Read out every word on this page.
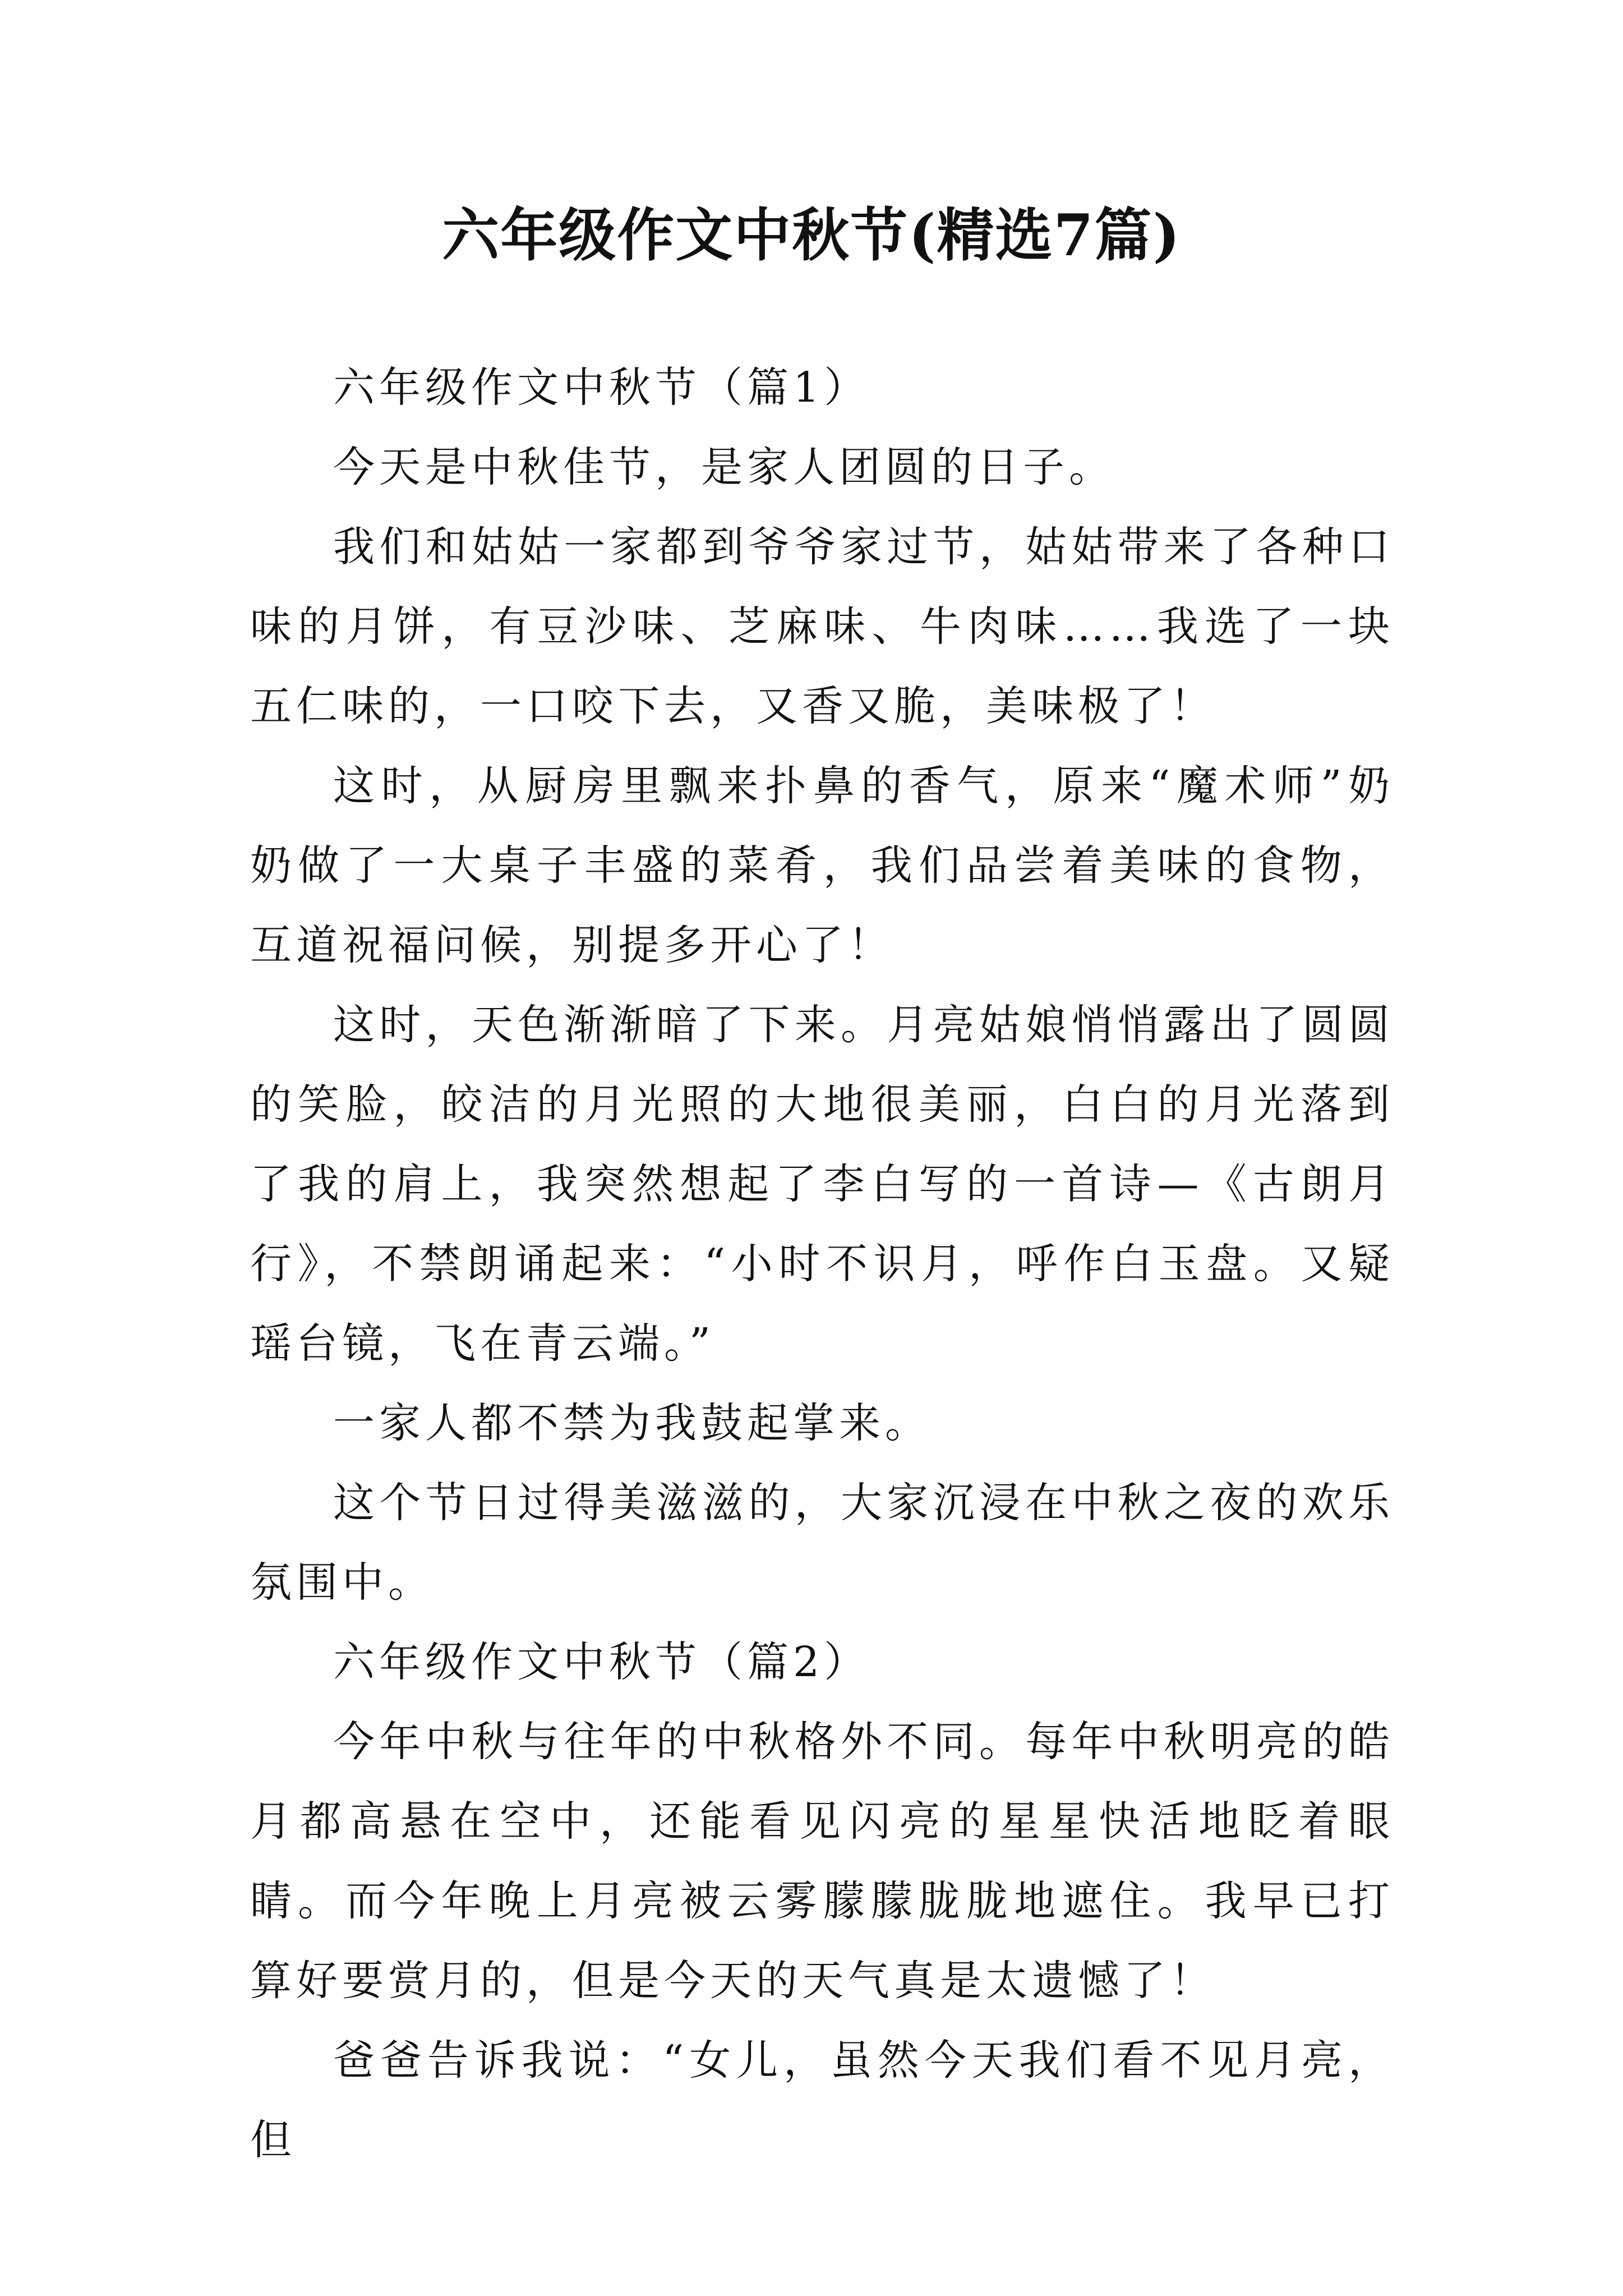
六年级作文中秋节(精选7篇)

六年级作文中秋节（篇1）

今天是中秋佳节，是家人团圆的日子。

我们和姑姑一家都到爷爷家过节，姑姑带来了各种口味的月饼，有豆沙味、芝麻味、牛肉味……我选了一块五仁味的，一口咬下去，又香又脆，美味极了！

这时，从厨房里飘来扑鼻的香气，原来“魔术师”奶奶做了一大桌子丰盛的菜肴，我们品尝着美味的食物，互道祝福问候，别提多开心了！

这时，天色渐渐暗了下来。月亮姑娘悄悄露出了圆圆的笑脸，皎洁的月光照的大地很美丽，白白的月光落到了我的肩上，我突然想起了李白写的一首诗—《古朗月行》，不禁朗诵起来：“小时不识月，呼作白玉盘。又疑瑶台镜，飞在青云端。”

一家人都不禁为我鼓起掌来。

这个节日过得美滋滋的，大家沉浸在中秋之夜的欢乐氛围中。

六年级作文中秋节（篇2）

今年中秋与往年的中秋格外不同。每年中秋明亮的皓月都高悬在空中，还能看见闪亮的星星快活地眨着眼睛。而今年晚上月亮被云雾朦朦胧胧地遮住。我早已打算好要赏月的，但是今天的天气真是太遗憾了！

爸爸告诉我说：“女儿，虽然今天我们看不见月亮，但
